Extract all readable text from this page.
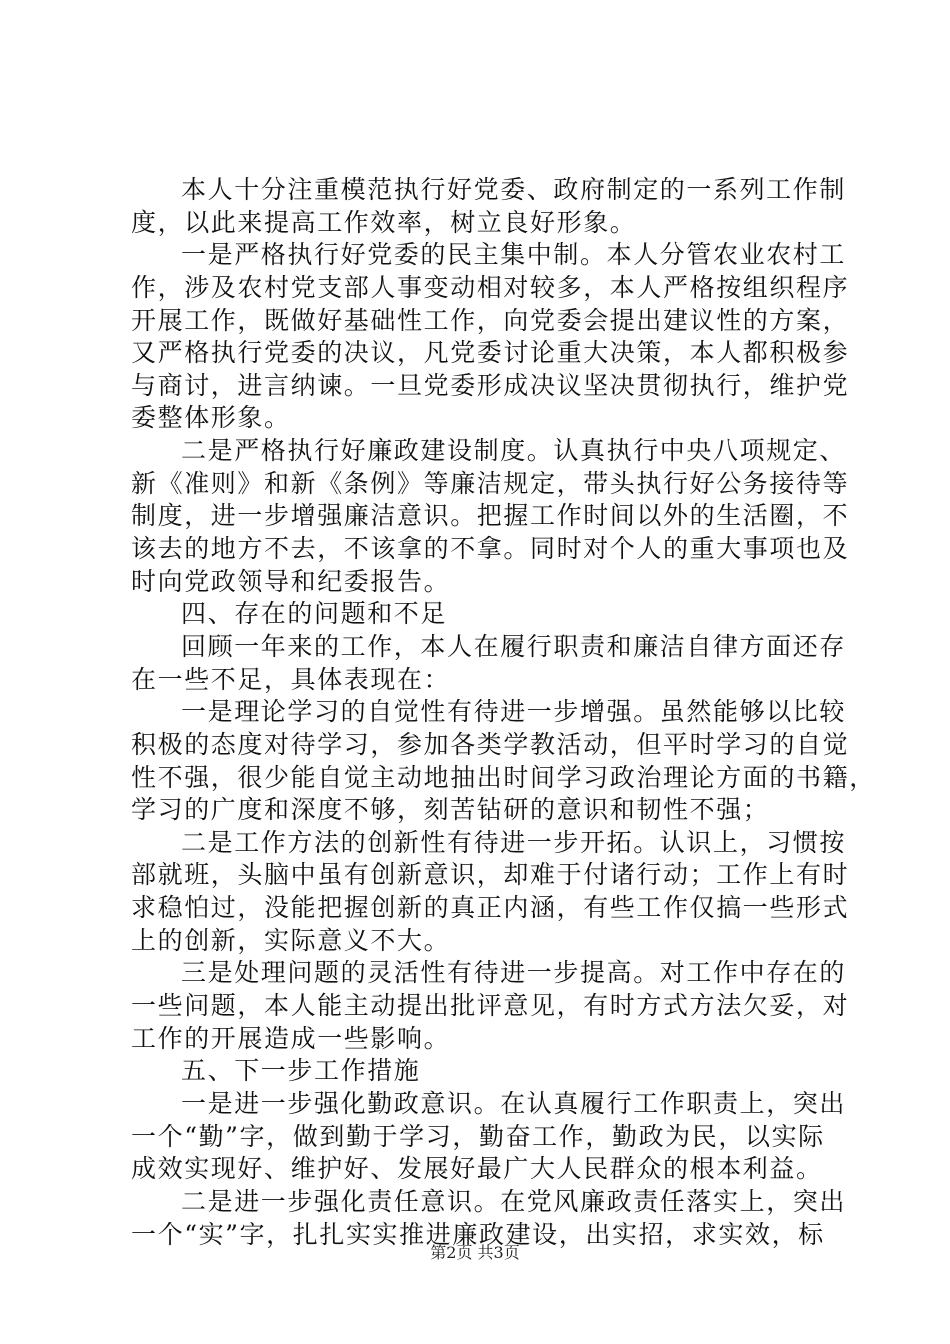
本人十分注重模范执行好党委、政府制定的一系列工作制
度，以此来提高工作效率，树立良好形象。
一是严格执行好党委的民主集中制。本人分管农业农村工
作，涉及农村党支部人事变动相对较多，本人严格按组织程序
开展工作，既做好基础性工作，向党委会提出建议性的方案，
又严格执行党委的决议，凡党委讨论重大决策，本人都积极参
与商讨，进言纳谏。一旦党委形成决议坚决贯彻执行，维护党
委整体形象。
二是严格执行好廉政建设制度。认真执行中央八项规定、
新《准则》和新《条例》等廉洁规定，带头执行好公务接待等
制度，进一步增强廉洁意识。把握工作时间以外的生活圈，不
该去的地方不去，不该拿的不拿。同时对个人的重大事项也及
时向党政领导和纪委报告。
四、存在的问题和不足
回顾一年来的工作，本人在履行职责和廉洁自律方面还存
在一些不足，具体表现在：
一是理论学习的自觉性有待进一步增强。虽然能够以比较
积极的态度对待学习，参加各类学教活动，但平时学习的自觉
性不强，很少能自觉主动地抽出时间学习政治理论方面的书籍，
学习的广度和深度不够，刻苦钻研的意识和韧性不强；
二是工作方法的创新性有待进一步开拓。认识上，习惯按
部就班，头脑中虽有创新意识，却难于付诸行动；工作上有时
求稳怕过，没能把握创新的真正内涵，有些工作仅搞一些形式
上的创新，实际意义不大。
三是处理问题的灵活性有待进一步提高。对工作中存在的
一些问题，本人能主动提出批评意见，有时方式方法欠妥，对
工作的开展造成一些影响。
五、下一步工作措施
一是进一步强化勤政意识。在认真履行工作职责上，突出
一个“勤”字，做到勤于学习，勤奋工作，勤政为民，以实际
成效实现好、维护好、发展好最广大人民群众的根本利益。
二是进一步强化责任意识。在党风廉政责任落实上，突出
一个“实”字，扎扎实实推进廉政建设，出实招，求实效，标
第2页 共3页
